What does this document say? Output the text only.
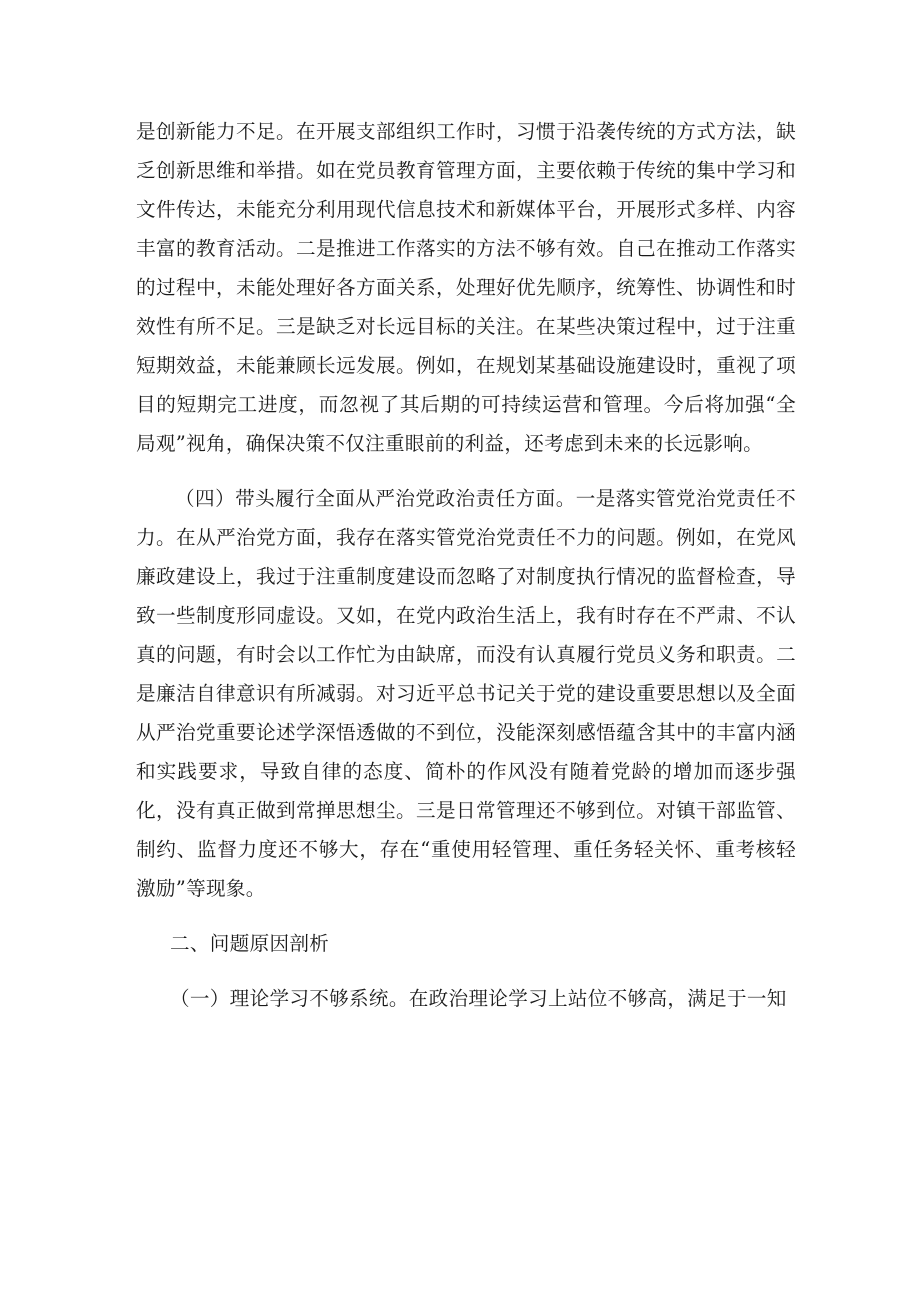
是创新能力不足。在开展支部组织工作时，习惯于沿袭传统的方式方法，缺乏创新思维和举措。如在党员教育管理方面，主要依赖于传统的集中学习和文件传达，未能充分利用现代信息技术和新媒体平台，开展形式多样、内容丰富的教育活动。二是推进工作落实的方法不够有效。自己在推动工作落实的过程中，未能处理好各方面关系，处理好优先顺序，统筹性、协调性和时效性有所不足。三是缺乏对长远目标的关注。在某些决策过程中，过于注重短期效益，未能兼顾长远发展。例如，在规划某基础设施建设时，重视了项目的短期完工进度，而忽视了其后期的可持续运营和管理。今后将加强“全局观”视角，确保决策不仅注重眼前的利益，还考虑到未来的长远影响。

（四）带头履行全面从严治党政治责任方面。一是落实管党治党责任不力。在从严治党方面，我存在落实管党治党责任不力的问题。例如，在党风廉政建设上，我过于注重制度建设而忽略了对制度执行情况的监督检查，导致一些制度形同虚设。又如，在党内政治生活上，我有时存在不严肃、不认真的问题，有时会以工作忙为由缺席，而没有认真履行党员义务和职责。二是廉洁自律意识有所减弱。对习近平总书记关于党的建设重要思想以及全面从严治党重要论述学深悟透做的不到位，没能深刻感悟蕴含其中的丰富内涵和实践要求，导致自律的态度、简朴的作风没有随着党龄的增加而逐步强化，没有真正做到常掸思想尘。三是日常管理还不够到位。对镇干部监管、制约、监督力度还不够大，存在“重使用轻管理、重任务轻关怀、重考核轻激励”等现象。

二、问题原因剖析

（一）理论学习不够系统。在政治理论学习上站位不够高，满足于一知
